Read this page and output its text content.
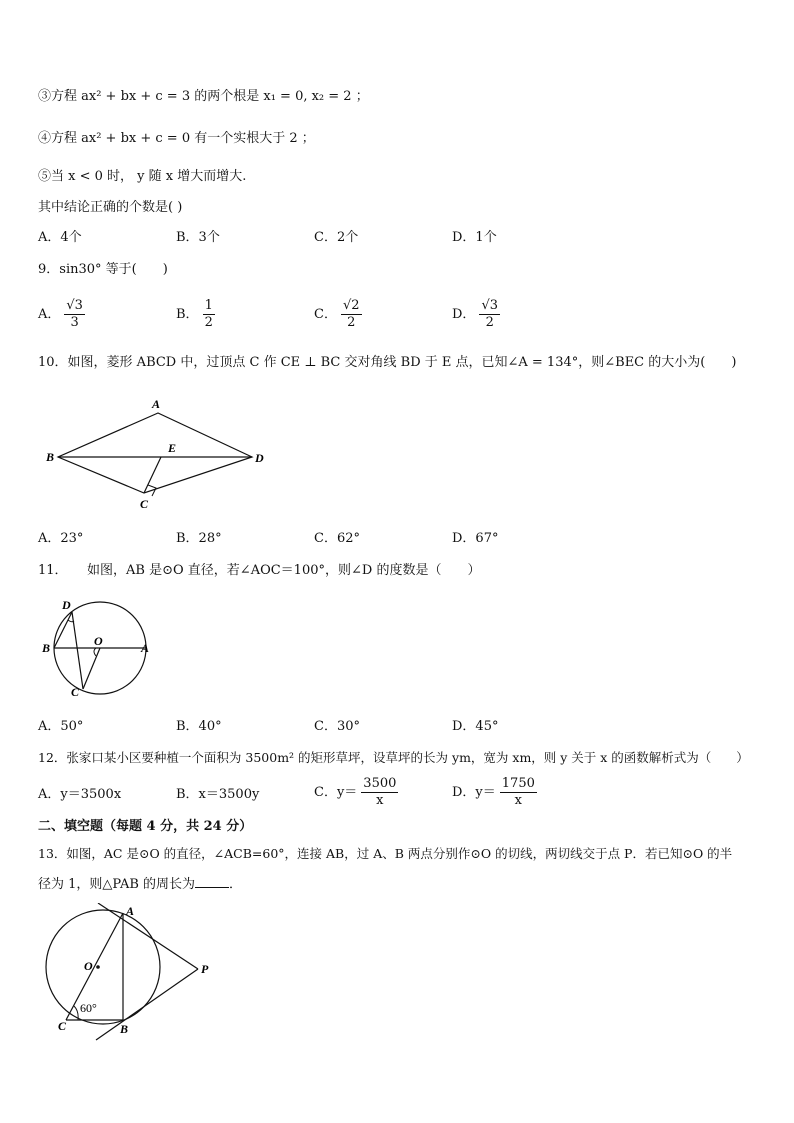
③方程 ax² + bx + c = 3 的两个根是 x₁ = 0, x₂ = 2 ；
④方程 ax² + bx + c = 0 有一个实根大于 2 ；
⑤当 x < 0 时， y 随 x 增大而增大.
其中结论正确的个数是( )
A．4个	B．3个	C．2个	D．1个
9．sin30° 等于(　　)
A． $\frac{√3}{3}$	B． $\frac{1}{2}$	C． $\frac{√2}{2}$	D． $\frac{√3}{2}$
10．如图，菱形 ABCD 中，过顶点 C 作 CE ⊥ BC 交对角线 BD 于 E 点，已知∠A = 134°，则∠BEC 的大小为(　　)
A
B
E
D
C
A．23°	B．28°	C．62°	D．67°
11．　　如图，AB 是⊙O 直径，若∠AOC＝100°，则∠D 的度数是（　　）
D
B	O	A
C
A．50°	B．40°	C．30°	D．45°
12．张家口某小区要种植一个面积为 3500m² 的矩形草坪，设草坪的长为 ym，宽为 xm，则 y 关于 x 的函数解析式为（　　）
A．y＝3500x	B．x＝3500y	C．$y= \frac{3500}{x}$	D．$y= \frac{1750}{x}$
二、填空题（每题 4 分，共 24 分）
13．如图，AC 是⊙O 的直径，∠ACB=60°，连接 AB，过 A、B 两点分别作⊙O 的切线，两切线交于点 P．若已知⊙O 的半
径为 1，则△PAB 的周长为	．
A
O	P
60°
C	B
